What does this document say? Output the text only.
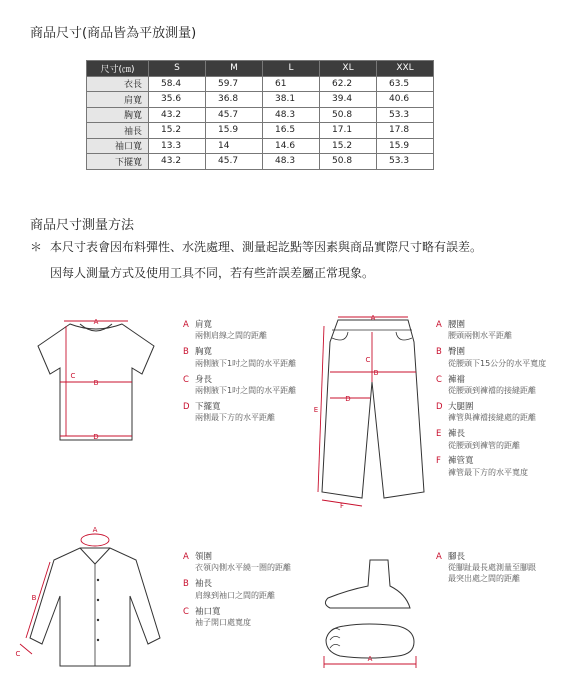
商品尺寸(商品皆為平放測量)
尺寸(㎝)	S	M	L	XL	XXL
衣長	58.4	59.7	61	62.2	63.5
肩寬	35.6	36.8	38.1	39.4	40.6
胸寬	43.2	45.7	48.3	50.8	53.3
袖長	15.2	15.9	16.5	17.1	17.8
袖口寬	13.3	14	14.6	15.2	15.9
下擺寬	43.2	45.7	48.3	50.8	53.3
商品尺寸測量方法
＊ 本尺寸表會因布料彈性、水洗處理、測量起訖點等因素與商品實際尺寸略有誤差。
因每人測量方式及使用工具不同，若有些許誤差屬正常現象。
A
B
C
D
A 肩寬
兩側肩線之間的距離
B 胸寬
兩側腋下1吋之間的水平距離
C 身長
兩側腋下1吋之間的水平距離
D 下擺寬
兩側最下方的水平距離
A
B
C
D
E
F
A 腰圍
腰頭兩側水平距離
B 臀圍
從腰頭下15公分的水平寬度
C 褲襠
從腰頭到褲襠的接縫距離
D 大腿圍
褲管與褲襠接縫處的距離
E 褲長
從腰頭到褲管的距離
F 褲管寬
褲管最下方的水平寬度
A
B
C
A 領圍
衣領內側水平繞一圈的距離
B 袖長
肩線到袖口之間的距離
C 袖口寬
袖子開口處寬度
A
A 腳長
從腳趾最長處測量至腳跟
最突出處之間的距離
